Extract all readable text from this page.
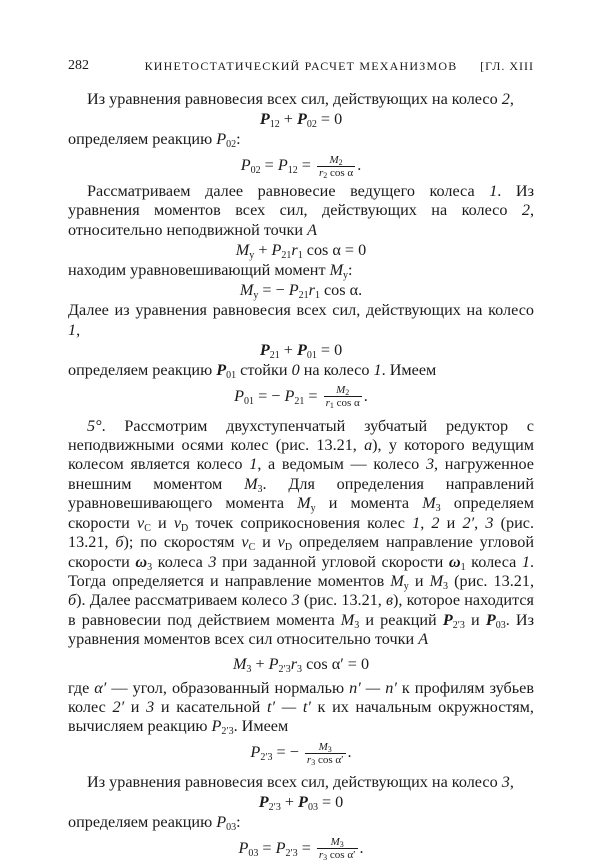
282	КИНЕТОСТАТИЧЕСКИЙ РАСЧЕТ МЕХАНИЗМОВ	[ГЛ. XIII

Из уравнения равновесия всех сил, действующих на колесо 2,

$P_{12} + P_{02} = 0$

определяем реакцию $P_{02}$:

$P_{02} = P_{12} = \frac{M_2}{r_2 \cos \alpha}$ .

Рассматриваем далее равновесие ведущего колеса 1. Из уравнения моментов всех сил, действующих на колесо 2, относительно неподвижной точки A

$M_у + P_{21}r_1$ cos α = 0

находим уравновешивающий момент $M_у$:

$M_у$ = − $P_{21}r_1$ cos α.

Далее из уравнения равновесия всех сил, действующих на колесо 1,

$P_{21} + P_{01} = 0$

определяем реакцию $P_{01}$ стойки 0 на колесо 1. Имеем

$P_{01}$ = − $P_{21} = \frac{M_2}{r_1 \cos \alpha}$ .

5°. Рассмотрим двухступенчатый зубчатый редуктор с неподвижными осями колес (рис. 13.21, а), у которого ведущим колесом является колесо 1, а ведомым — колесо 3, нагруженное внешним моментом $M_3$. Для определения направлений уравновешивающего момента $M_у$ и момента $M_3$ определяем скорости $v_C$ и $v_D$ точек соприкосновения колес 1, 2 и 2′, 3 (рис. 13.21, б); по скоростям $v_C$ и $v_D$ определяем направление угловой скорости $\omega_3$ колеса 3 при заданной угловой скорости $\omega_1$ колеса 1. Тогда определяется и направление моментов $M_у$ и $M_3$ (рис. 13.21, б). Далее рассматриваем колесо 3 (рис. 13.21, в), которое находится в равновесии под действием момента $M_3$ и реакций $P_{2'3}$ и $P_{03}$. Из уравнения моментов всех сил относительно точки A

$M_3 + P_{2'3}r_3$ cos α′ = 0

где α′ — угол, образованный нормалью n′ — n′ к профилям зубьев колес 2′ и 3 и касательной t′ — t′ к их начальным окружностям, вычисляем реакцию $P_{2'3}$. Имеем

$P_{2'3}$ = − $\frac{M_3}{r_3 \cos \alpha'}$ .

Из уравнения равновесия всех сил, действующих на колесо 3,

$P_{2'3} + P_{03} = 0$

определяем реакцию $P_{03}$:

$P_{03} = P_{2'3} = \frac{M_3}{r_3 \cos \alpha'}$ .
